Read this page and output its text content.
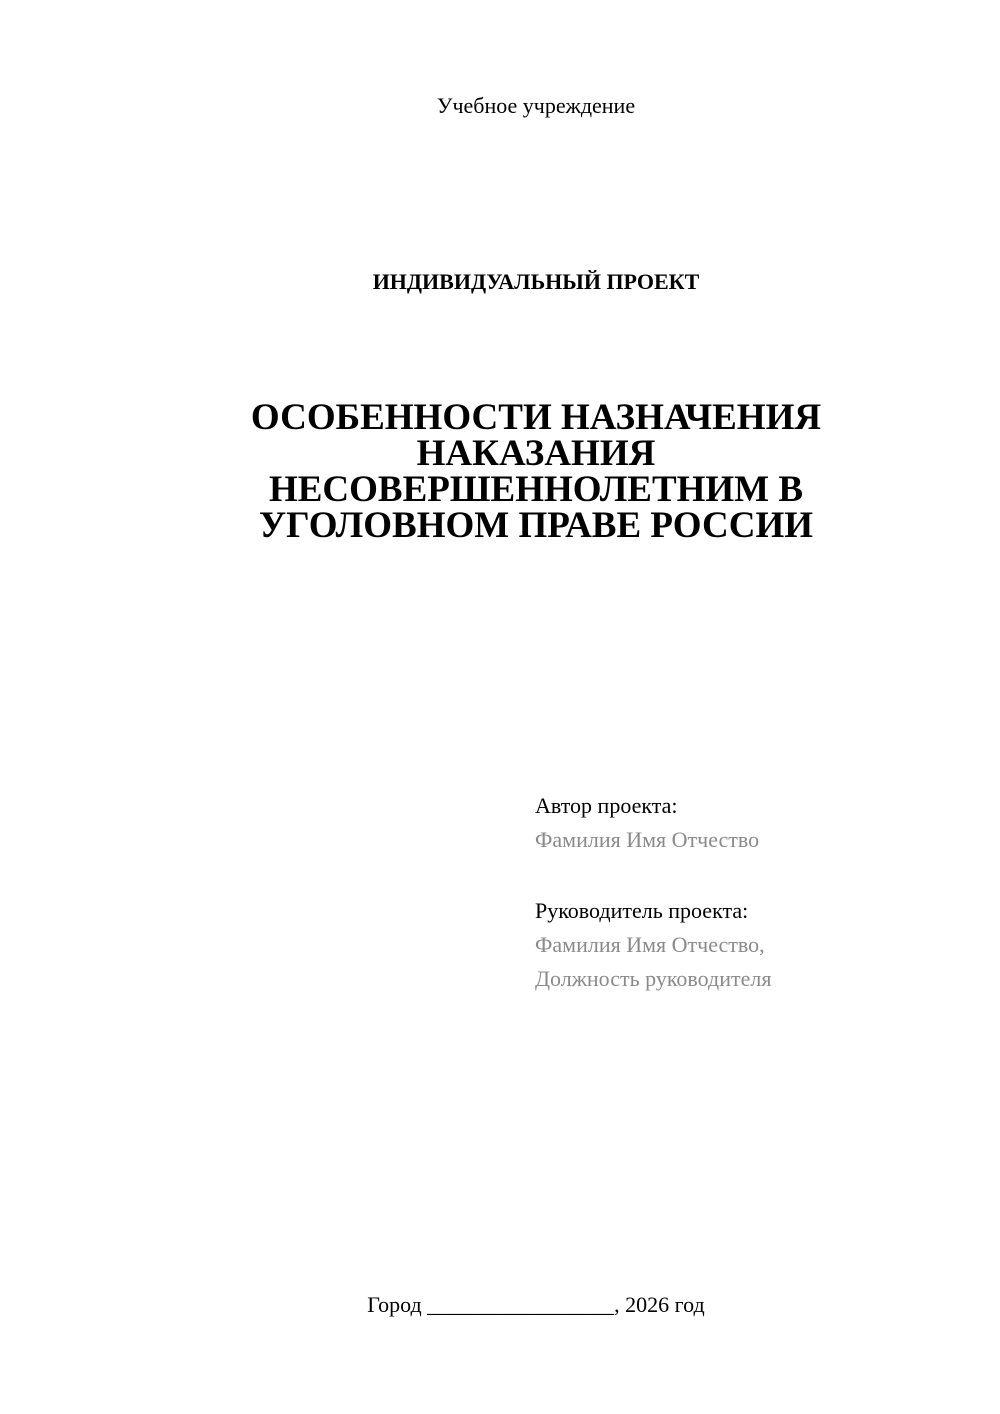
Учебное учреждение
ИНДИВИДУАЛЬНЫЙ ПРОЕКТ
ОСОБЕННОСТИ НАЗНАЧЕНИЯ
НАКАЗАНИЯ
НЕСОВЕРШЕННОЛЕТНИМ В
УГОЛОВНОМ ПРАВЕ РОССИИ
Автор проекта:
Фамилия Имя Отчество
Руководитель проекта:
Фамилия Имя Отчество,
Должность руководителя
Город _________________, 2026 год
